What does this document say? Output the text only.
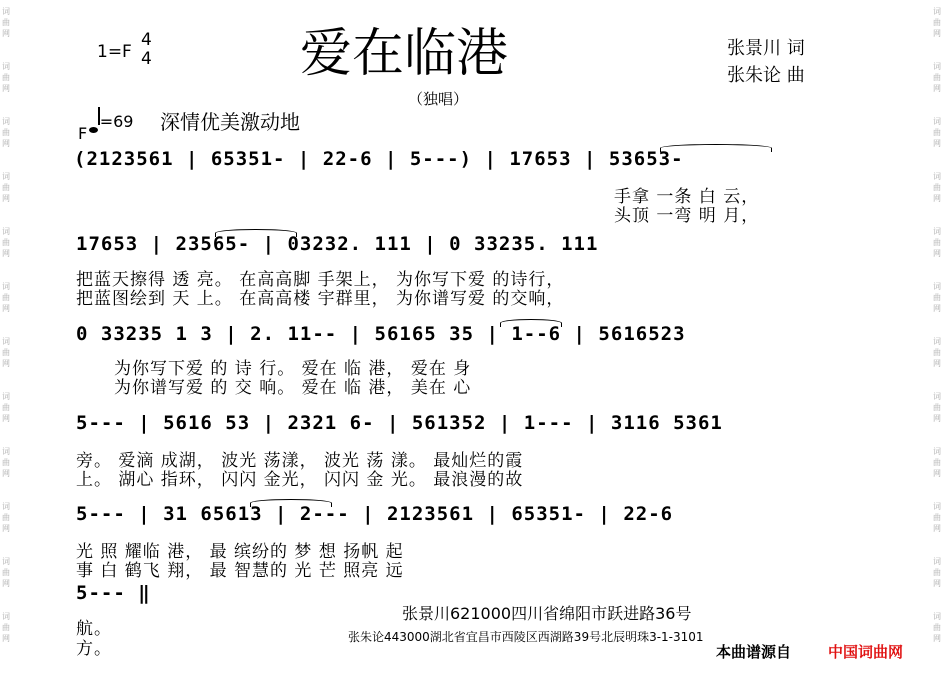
词
曲
网

词
曲
网

词
曲
网

词
曲
网

词
曲
网

词
曲
网

词
曲
网

词
曲
网

词
曲
网

词
曲
网

词
曲
网

词
曲
网

词
曲
网

词
曲
网

词
曲
网

词
曲
网

词
曲
网

词
曲
网

词
曲
网

词
曲
网

词
曲
网

词
曲
网

词
曲
网

词
曲
网

1=F
4
4	爱在临港
（独唱）
张景川 词
张朱论 曲
F=69 深情优美激动地
(2123561 | 65351- | 22-6 | 5---) | 17653 | 53653-
手拿 一条 白 云，
头顶 一弯 明 月，
17653 | 23565- | 03232. 111 | 0 33235. 111
把蓝天擦得 透 亮。 在高高脚 手架上， 为你写下爱 的诗行，
把蓝图绘到 天 上。 在高高楼 宇群里， 为你谱写爱 的交响，
0 33235 1 3 | 2. 11-- | 56165 35 | 1--6 | 5616523
为你写下爱 的 诗 行。 爱在 临 港， 爱在 身
为你谱写爱 的 交 响。 爱在 临 港， 美在 心
5--- | 5616 53 | 2321 6- | 561352 | 1--- | 3116 5361
旁。 爱滴 成湖， 波光 荡漾， 波光 荡 漾。 最灿烂的霞
上。 湖心 指环， 闪闪 金光， 闪闪 金 光。 最浪漫的故
5--- | 31 65613 | 2--- | 2123561 | 65351- | 22-6
光 照 耀临 港， 最 缤纷的 梦 想 扬帆 起
事 白 鹤飞 翔， 最 智慧的 光 芒 照亮 远
5--- ‖
航。
方。
张景川621000四川省绵阳市跃进路36号
张朱论443000湖北省宜昌市西陵区西湖路39号北辰明珠3-1-3101
本曲谱源自 中国词曲网
